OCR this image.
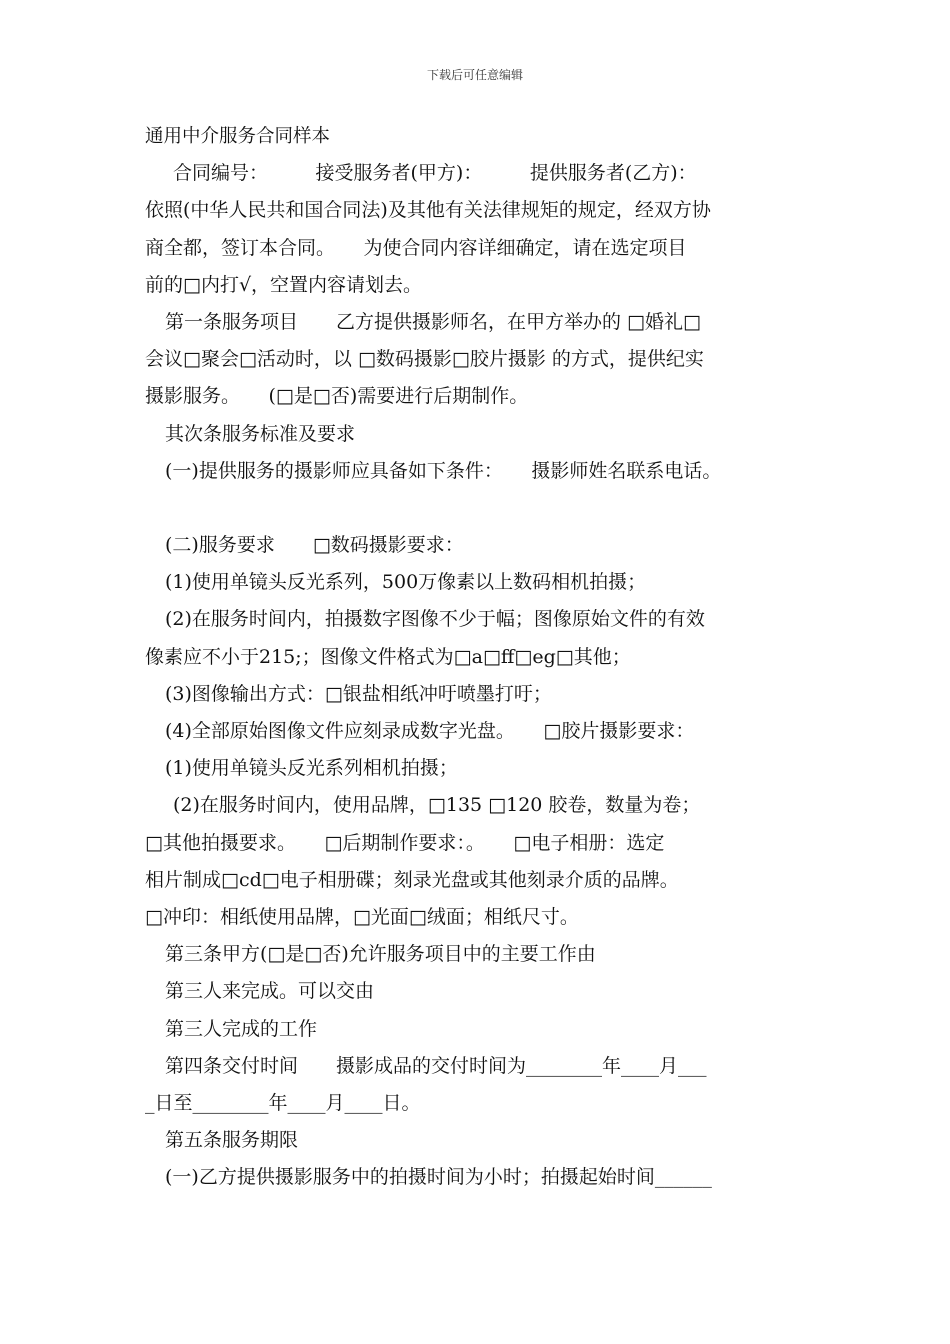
下载后可任意编辑
通用中介服务合同样本
合同编号：　　　接受服务者(甲方)：　　　提供服务者(乙方)：
依照(中华人民共和国合同法)及其他有关法律规矩的规定，经双方协
商全都，签订本合同。　　为使合同内容详细确定，请在选定项目
前的□内打√，空置内容请划去。
第一条服务项目　　乙方提供摄影师名，在甲方举办的 □婚礼□
会议□聚会□活动时，以 □数码摄影□胶片摄影 的方式，提供纪实
摄影服务。　　(□是□否)需要进行后期制作。
其次条服务标准及要求
(一)提供服务的摄影师应具备如下条件：　　摄影师姓名联系电话。
(二)服务要求　　□数码摄影要求：
(1)使用单镜头反光系列，500万像素以上数码相机拍摄；
(2)在服务时间内，拍摄数字图像不少于幅；图像原始文件的有效
像素应不小于215;；图像文件格式为□a□ff□eg□其他；
(3)图像输出方式：□银盐相纸冲吁喷墨打吁；
(4)全部原始图像文件应刻录成数字光盘。　　□胶片摄影要求：
(1)使用单镜头反光系列相机拍摄；
(2)在服务时间内，使用品牌，□135 □120 胶卷，数量为卷；
□其他拍摄要求。　　□后期制作要求：。　　□电子相册：选定
相片制成□cd□电子相册碟；刻录光盘或其他刻录介质的品牌。
□冲印：相纸使用品牌，□光面□绒面；相纸尺寸。
第三条甲方(□是□否)允许服务项目中的主要工作由
第三人来完成。可以交由
第三人完成的工作
第四条交付时间　　摄影成品的交付时间为________年____月___
_日至________年____月____日。
第五条服务期限
(一)乙方提供摄影服务中的拍摄时间为小时；拍摄起始时间______
